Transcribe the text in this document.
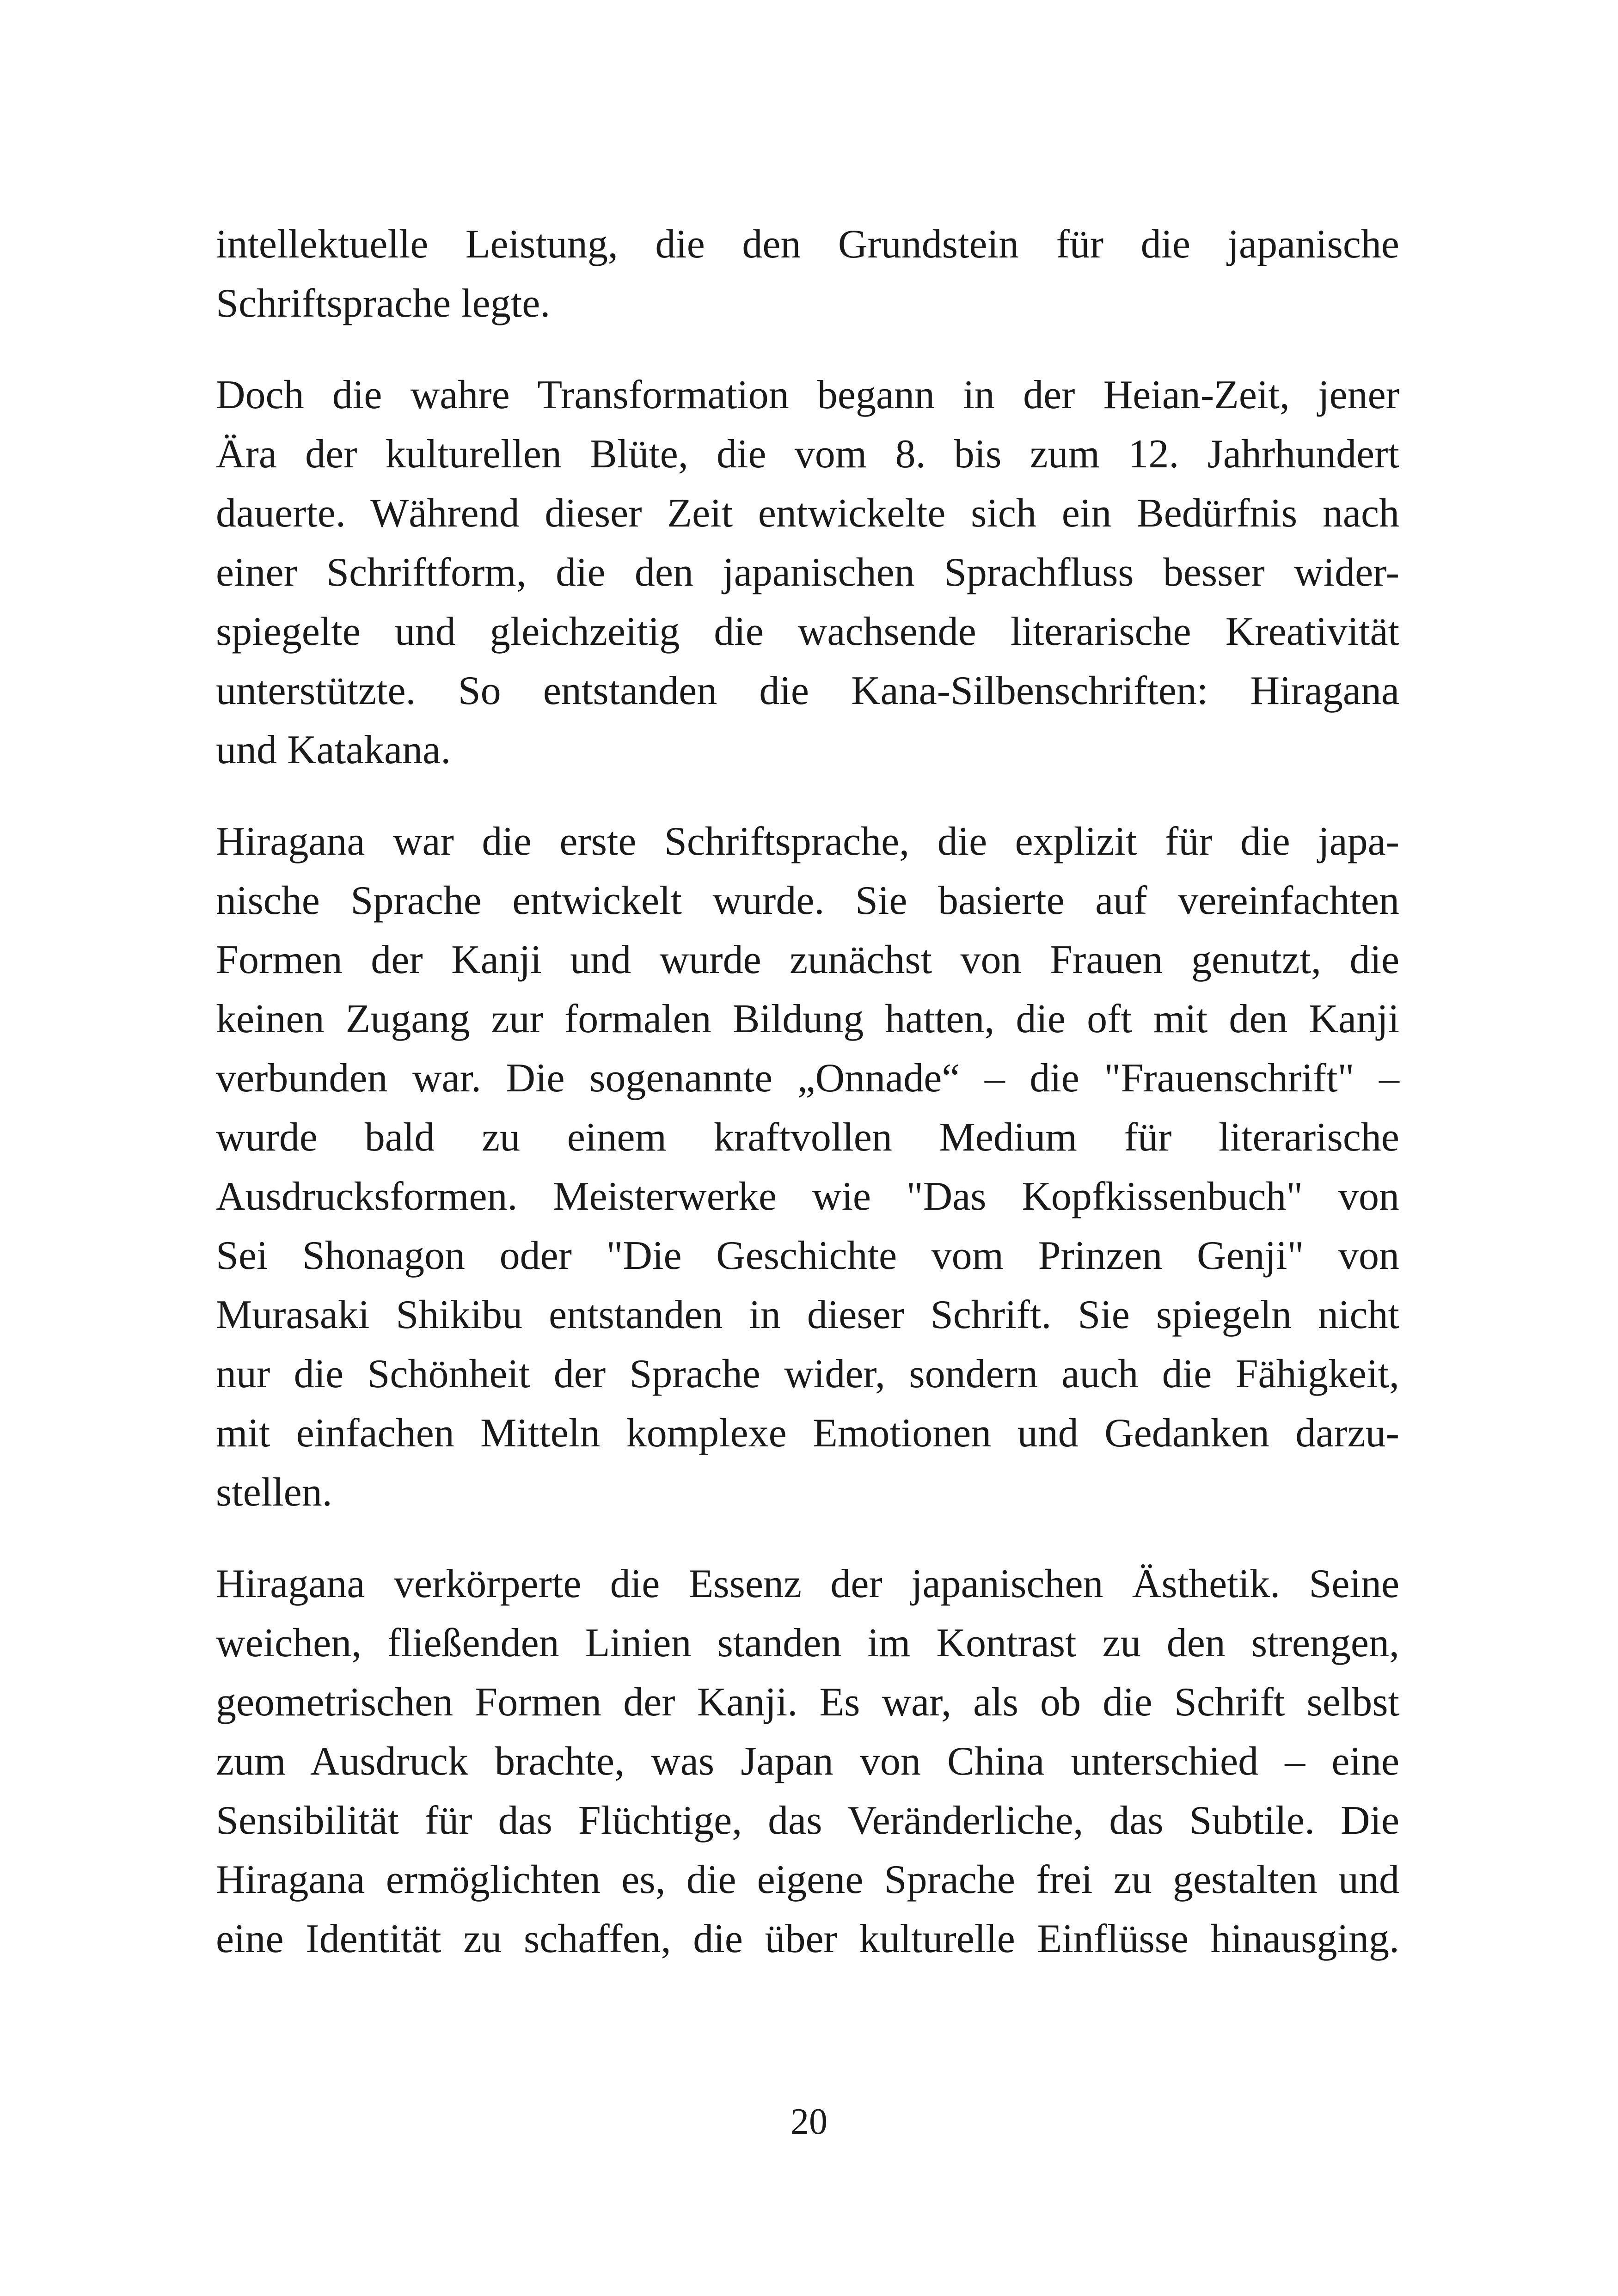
intellektuelle Leistung, die den Grundstein für die japanische
Schriftsprache legte.

Doch die wahre Transformation begann in der Heian-Zeit, jener
Ära der kulturellen Blüte, die vom 8. bis zum 12. Jahrhundert
dauerte. Während dieser Zeit entwickelte sich ein Bedürfnis nach
einer Schriftform, die den japanischen Sprachfluss besser wider-
spiegelte und gleichzeitig die wachsende literarische Kreativität
unterstützte. So entstanden die Kana-Silbenschriften: Hiragana
und Katakana.

Hiragana war die erste Schriftsprache, die explizit für die japa-
nische Sprache entwickelt wurde. Sie basierte auf vereinfachten
Formen der Kanji und wurde zunächst von Frauen genutzt, die
keinen Zugang zur formalen Bildung hatten, die oft mit den Kanji
verbunden war. Die sogenannte „Onnade“ – die "Frauenschrift" –
wurde bald zu einem kraftvollen Medium für literarische
Ausdrucksformen. Meisterwerke wie "Das Kopfkissenbuch" von
Sei Shonagon oder "Die Geschichte vom Prinzen Genji" von
Murasaki Shikibu entstanden in dieser Schrift. Sie spiegeln nicht
nur die Schönheit der Sprache wider, sondern auch die Fähigkeit,
mit einfachen Mitteln komplexe Emotionen und Gedanken darzu-
stellen.

Hiragana verkörperte die Essenz der japanischen Ästhetik. Seine
weichen, fließenden Linien standen im Kontrast zu den strengen,
geometrischen Formen der Kanji. Es war, als ob die Schrift selbst
zum Ausdruck brachte, was Japan von China unterschied – eine
Sensibilität für das Flüchtige, das Veränderliche, das Subtile. Die
Hiragana ermöglichten es, die eigene Sprache frei zu gestalten und
eine Identität zu schaffen, die über kulturelle Einflüsse hinausging.

20
